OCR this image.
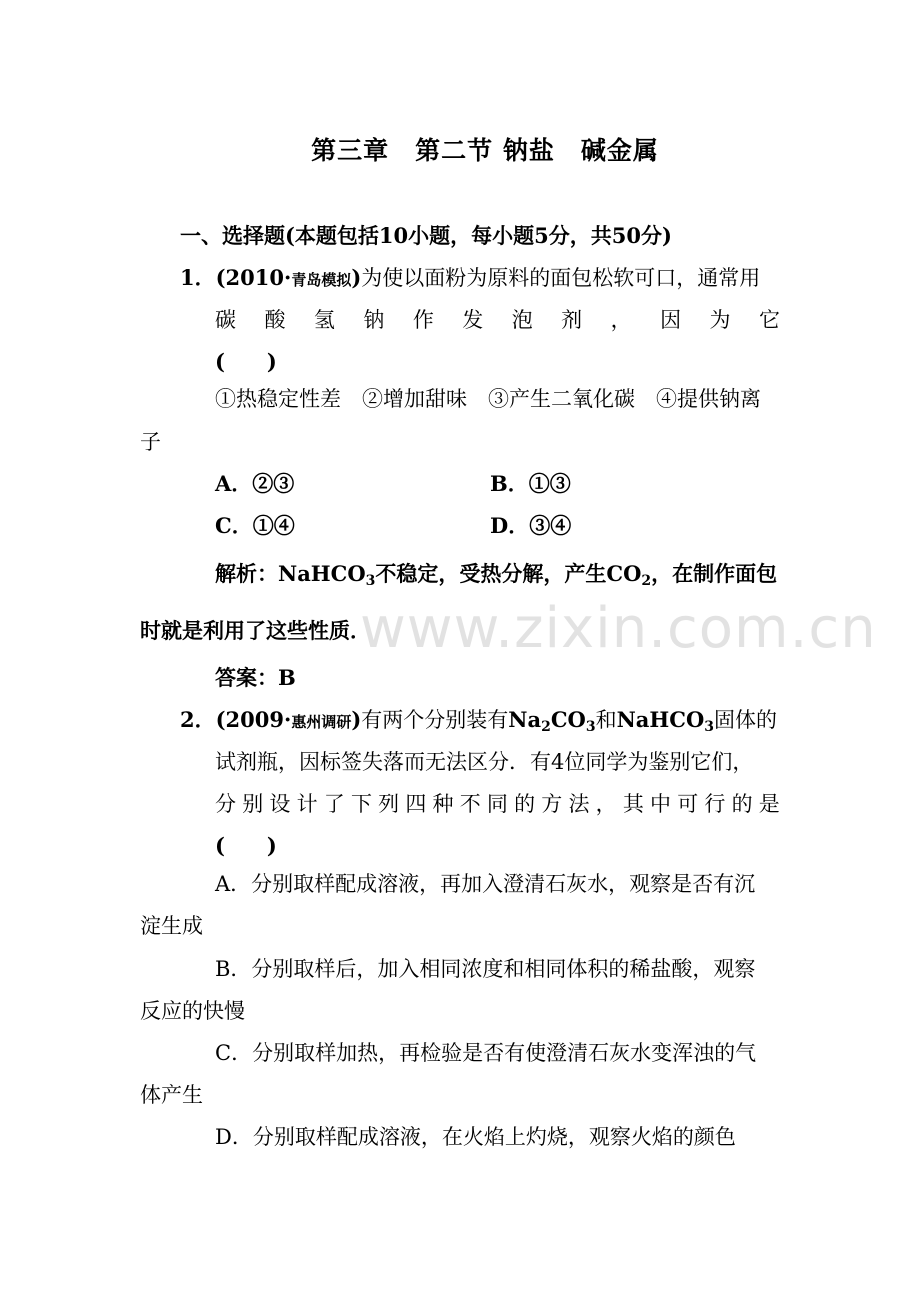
第三章　第二节 钠盐　碱金属
一、选择题(本题包括10小题，每小题5分，共50分)
1．(2010·青岛模拟)为使以面粉为原料的面包松软可口，通常用
碳 酸 氢 钠 作 发 泡 剂 ， 因 为 它
(　　)
①热稳定性差　②增加甜味　③产生二氧化碳　④提供钠离
子
A．②③	B．①③
C．①④	D．③④
解析：NaHCO$_3$不稳定，受热分解，产生$CO_2$，在制作面包
时就是利用了这些性质．
答案：B
www.zixin.com.cn
2．(2009·惠州调研)有两个分别装有$Na_2CO_3$和NaHCO$_3$固体的
试剂瓶，因标签失落而无法区分．有4位同学为鉴别它们，
分 别 设 计 了 下 列 四 种 不 同 的 方 法 ， 其 中 可 行 的 是
(　　)
A．分别取样配成溶液，再加入澄清石灰水，观察是否有沉
淀生成
B．分别取样后，加入相同浓度和相同体积的稀盐酸，观察
反应的快慢
C．分别取样加热，再检验是否有使澄清石灰水变浑浊的气
体产生
D．分别取样配成溶液，在火焰上灼烧，观察火焰的颜色
